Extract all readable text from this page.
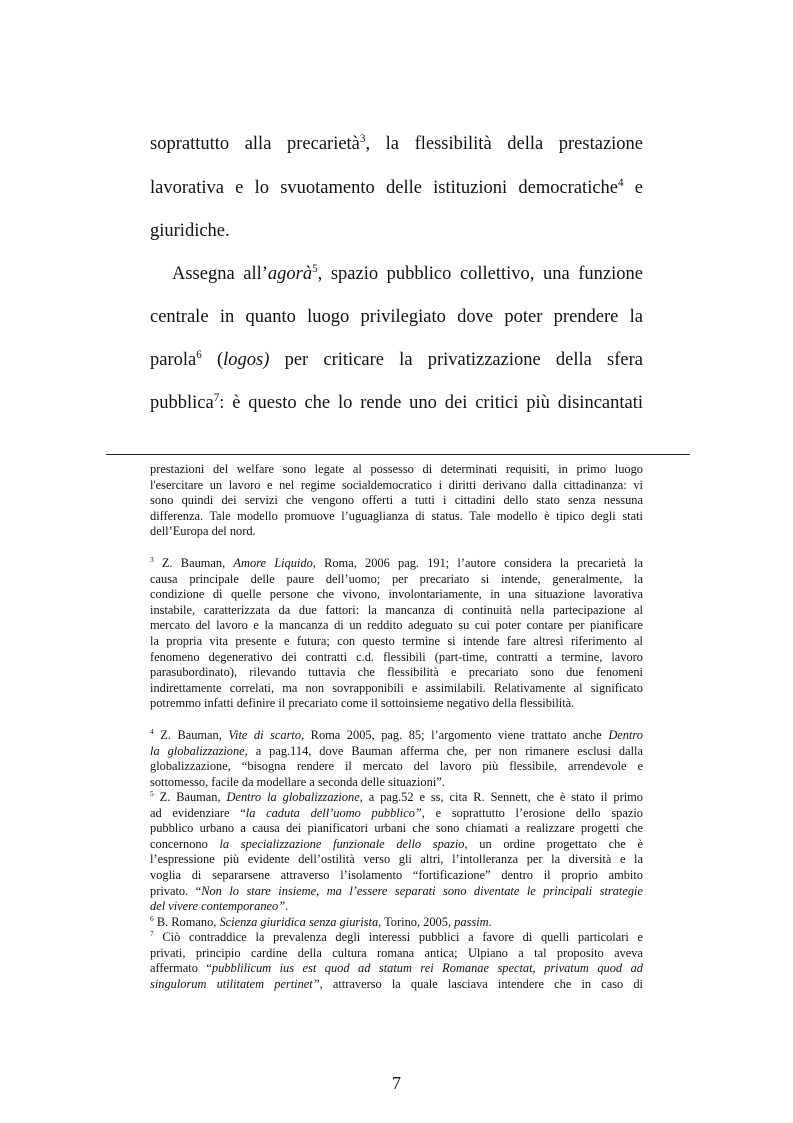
soprattutto alla precarietà$^3$, la flessibilità della prestazione
lavorativa e lo svuotamento delle istituzioni democratiche$^4$ e
giuridiche.
Assegna all’agorà$^5$, spazio pubblico collettivo, una funzione
centrale in quanto luogo privilegiato dove poter prendere la
parola$^6$ (logos) per criticare la privatizzazione della sfera
pubblica$^7$: è questo che lo rende uno dei critici più disincantati
prestazioni del welfare sono legate al possesso di determinati requisiti, in primo luogo
l'esercitare un lavoro e nel regime socialdemocratico i diritti derivano dalla cittadinanza: vi
sono quindi dei servizi che vengono offerti a tutti i cittadini dello stato senza nessuna
differenza. Tale modello promuove l’uguaglianza di status. Tale modello è tipico degli stati
dell’Europa del nord.
$^3$ Z. Bauman, Amore Liquido, Roma, 2006 pag. 191; l’autore considera la precarietà la
causa principale delle paure dell’uomo; per precariato si intende, generalmente, la
condizione di quelle persone che vivono, involontariamente, in una situazione lavorativa
instabile, caratterizzata da due fattori: la mancanza di continuità nella partecipazione al
mercato del lavoro e la mancanza di un reddito adeguato su cui poter contare per pianificare
la propria vita presente e futura; con questo termine si intende fare altresì riferimento al
fenomeno degenerativo dei contratti c.d. flessibili (part-time, contratti a termine, lavoro
parasubordinato), rilevando tuttavia che flessibilità e precariato sono due fenomeni
indirettamente correlati, ma non sovrapponibili e assimilabili. Relativamente al significato
potremmo infatti definire il precariato come il sottoinsieme negativo della flessibilità.
$^4$ Z. Bauman, Vite di scarto, Roma 2005, pag. 85; l’argomento viene trattato anche Dentro
la globalizzazione, a pag.114, dove Bauman afferma che, per non rimanere esclusi dalla
globalizzazione, “bisogna rendere il mercato del lavoro più flessibile, arrendevole e
sottomesso, facile da modellare a seconda delle situazioni”.
$^5$ Z. Bauman, Dentro la globalizzazione, a pag.52 e ss, cita R. Sennett, che è stato il primo
ad evidenziare “la caduta dell’uomo pubblico”, e soprattutto l’erosione dello spazio
pubblico urbano a causa dei pianificatori urbani che sono chiamati a realizzare progetti che
concernono la specializzazione funzionale dello spazio, un ordine progettato che è
l’espressione più evidente dell’ostilità verso gli altri, l’intolleranza per la diversità e la
voglia di separarsene attraverso l’isolamento “fortificazione” dentro il proprio ambito
privato. “Non lo stare insieme, ma l’essere separati sono diventate le principali strategie
del vivere contemporaneo”.
$^6$ B. Romano, Scienza giuridica senza giurista, Torino, 2005, passim.
$^7$ Ciò contraddice la prevalenza degli interessi pubblici a favore di quelli particolari e
privati, principio cardine della cultura romana antica; Ulpiano a tal proposito aveva
affermato “pubblilicum ius est quod ad statum rei Romanae spectat, privatum quod ad
singulorum utilitatem pertinet”, attraverso la quale lasciava intendere che in caso di
7
